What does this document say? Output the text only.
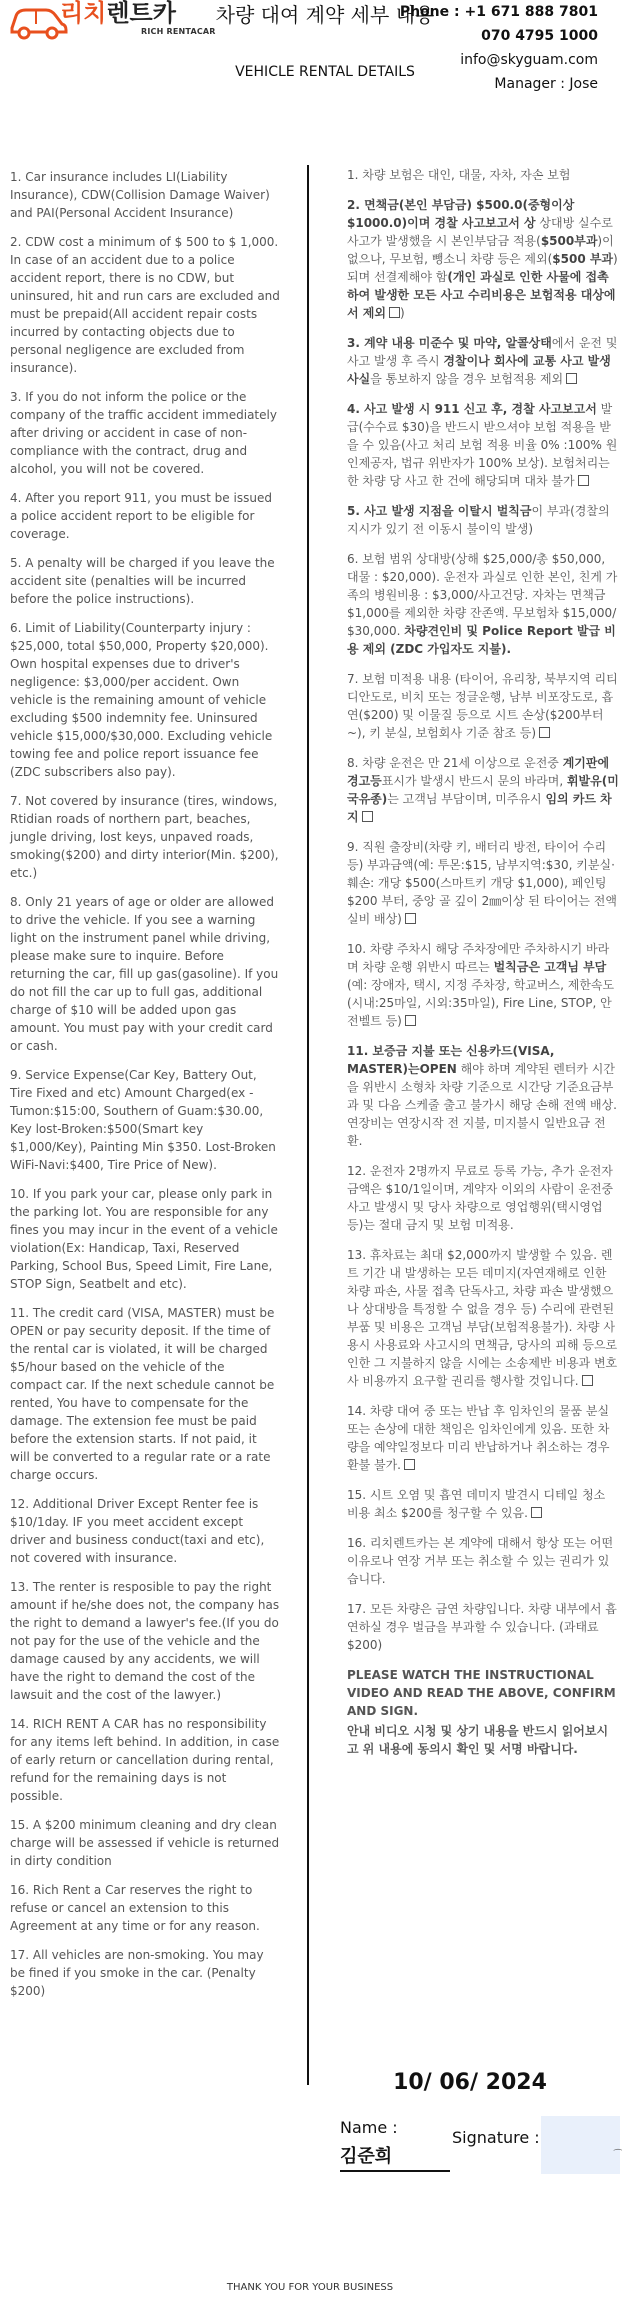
리치렌트카
RICH RENTACAR
차량 대여 계약 세부 내용
VEHICLE RENTAL DETAILS
Phone : +1 671 888 7801
070 4795 1000
info@skyguam.com
Manager : Jose

1. Car insurance includes LI(Liability Insurance), CDW(Collision Damage Waiver) and PAI(Personal Accident Insurance)

2. CDW cost a minimum of $ 500 to $ 1,000. In case of an accident due to a police accident report, there is no CDW, but uninsured, hit and run cars are excluded and must be prepaid(All accident repair costs incurred by contacting objects due to personal negligence are excluded from insurance).

3. If you do not inform the police or the company of the traffic accident immediately after driving or accident in case of non-compliance with the contract, drug and alcohol, you will not be covered.

4. After you report 911, you must be issued a police accident report to be eligible for coverage.

5. A penalty will be charged if you leave the accident site (penalties will be incurred before the police instructions).

6. Limit of Liability(Counterparty injury : $25,000, total $50,000, Property $20,000). Own hospital expenses due to driver's negligence: $3,000/per accident. Own vehicle is the remaining amount of vehicle excluding $500 indemnity fee. Uninsured vehicle $15,000/$30,000. Excluding vehicle towing fee and police report issuance fee (ZDC subscribers also pay).

7. Not covered by insurance (tires, windows, Rtidian roads of northern part, beaches, jungle driving, lost keys, unpaved roads, smoking($200) and dirty interior(Min. $200), etc.)

8. Only 21 years of age or older are allowed to drive the vehicle. If you see a warning light on the instrument panel while driving, please make sure to inquire. Before returning the car, fill up gas(gasoline). If you do not fill the car up to full gas, additional charge of $10 will be added upon gas amount. You must pay with your credit card or cash.

9. Service Expense(Car Key, Battery Out, Tire Fixed and etc) Amount Charged(ex - Tumon:$15:00, Southern of Guam:$30.00, Key lost-Broken:$500(Smart key $1,000/Key), Painting Min $350. Lost-Broken WiFi-Navi:$400, Tire Price of New).

10. If you park your car, please only park in the parking lot. You are responsible for any fines you may incur in the event of a vehicle violation(Ex: Handicap, Taxi, Reserved Parking, School Bus, Speed Limit, Fire Lane, STOP Sign, Seatbelt and etc).

11. The credit card (VISA, MASTER) must be OPEN or pay security deposit. If the time of the rental car is violated, it will be charged $5/hour based on the vehicle of the compact car. If the next schedule cannot be rented, You have to compensate for the damage. The extension fee must be paid before the extension starts. If not paid, it will be converted to a regular rate or a rate charge occurs.

12. Additional Driver Except Renter fee is $10/1day. IF you meet accident except driver and business conduct(taxi and etc), not covered with insurance.

13. The renter is resposible to pay the right amount if he/she does not, the company has the right to demand a lawyer's fee.(If you do not pay for the use of the vehicle and the damage caused by any accidents, we will have the right to demand the cost of the lawsuit and the cost of the lawyer.)

14. RICH RENT A CAR has no responsibility for any items left behind. In addition, in case of early return or cancellation during rental, refund for the remaining days is not possible.

15. A $200 minimum cleaning and dry clean charge will be assessed if vehicle is returned in dirty condition

16. Rich Rent a Car reserves the right to refuse or cancel an extension to this Agreement at any time or for any reason.

17. All vehicles are non-smoking. You may be fined if you smoke in the car. (Penalty $200)

1. 차량 보험은 대인, 대물, 자차, 자손 보험

2. 면책금(본인 부담금) $500.0(중형이상 $1000.0)이며 경찰 사고보고서 상 상대방 실수로 사고가 발생했을 시 본인부담금 적용($500부과)이 없으나, 무보험, 뺑소니 차량 등은 제외($500 부과)되며 선결제해야 함(개인 과실로 인한 사물에 접촉하여 발생한 모든 사고 수리비용은 보험적용 대상에서 제외 )

3. 계약 내용 미준수 및 마약, 알콜상태에서 운전 및 사고 발생 후 즉시 경찰이나 회사에 교통 사고 발생 사실을 통보하지 않을 경우 보험적용 제외

4. 사고 발생 시 911 신고 후, 경찰 사고보고서 발급(수수료 $30)을 반드시 받으셔야 보험 적용을 받을 수 있음(사고 처리 보험 적용 비율 0% :100% 원인제공자, 법규 위반자가 100% 보상). 보험처리는 한 차량 당 사고 한 건에 해당되며 대차 불가

5. 사고 발생 지점을 이탈시 벌칙금이 부과(경찰의 지시가 있기 전 이동시 불이익 발생)

6. 보험 범위 상대방(상해 $25,000/총 $50,000, 대물 : $20,000). 운전자 과실로 인한 본인, 친게 가족의 병원비용 : $3,000/사고건당. 자차는 면책금 $1,000를 제외한 차량 잔존액. 무보험차 $15,000/ $30,000. 차량견인비 및 Police Report 발급 비용 제외 (ZDC 가입자도 지불).

7. 보험 미적용 내용 (타이어, 유리창, 북부지역 리티디안도로, 비치 또는 정글운행, 남부 비포장도로, 흡연($200) 및 이물질 등으로 시트 손상($200부터~), 키 분실, 보험회사 기준 참조 등)

8. 차량 운전은 만 21세 이상으로 운전중 계기판에 경고등표시가 발생시 반드시 문의 바라며, 휘발유(미국유종)는 고객님 부담이며, 미주유시 임의 카드 차지

9. 직원 출장비(차량 키, 배터리 방전, 타이어 수리등) 부과금액(예: 투몬:$15, 남부지역:$30, 키분실·훼손: 개당 $500(스마트키 개당 $1,000), 페인팅 $200 부터, 중앙 골 깊이 2㎜이상 된 타이어는 전액 실비 배상)

10. 차량 주차시 해당 주차장에만 주차하시기 바라며 차량 운행 위반시 따르는 벌칙금은 고객님 부담 (예: 장애자, 택시, 지정 주차장, 학교버스, 제한속도(시내:25마일, 시외:35마일), Fire Line, STOP, 안전벨트 등)

11. 보증금 지불 또는 신용카드(VISA, MASTER)는OPEN 해야 하며 계약된 렌터카 시간을 위반시 소형차 차량 기준으로 시간당 기준요금부과 및 다음 스케줄 출고 불가시 해당 손해 전액 배상. 연장비는 연장시작 전 지불, 미지불시 일반요금 전환.

12. 운전자 2명까지 무료로 등록 가능, 추가 운전자 금액은 $10/1일이며, 계약자 이외의 사람이 운전중 사고 발생시 및 당사 차량으로 영업행위(택시영업 등)는 절대 금지 및 보험 미적용.

13. 휴차료는 최대 $2,000까지 발생할 수 있음. 렌트 기간 내 발생하는 모든 데미지(자연재해로 인한 차량 파손, 사물 접촉 단독사고, 차량 파손 발생했으나 상대방을 특정할 수 없을 경우 등) 수리에 관련된 부품 및 비용은 고객님 부담(보험적용불가). 차량 사용시 사용료와 사고시의 면책금, 당사의 피해 등으로 인한 그 지불하지 않을 시에는 소송제반 비용과 변호사 비용까지 요구할 권리를 행사할 것입니다.

14. 차량 대여 중 또는 반납 후 임차인의 물품 분실 또는 손상에 대한 책임은 임차인에게 있음. 또한 차량을 예약일정보다 미리 반납하거나 취소하는 경우 환불 불가.

15. 시트 오염 및 흡연 데미지 발견시 디테일 청소 비용 최소 $200를 청구할 수 있음.

16. 리치렌트카는 본 계약에 대해서 항상 또는 어떤 이유로나 연장 거부 또는 취소할 수 있는 권리가 있습니다.

17. 모든 차량은 금연 차량입니다. 차량 내부에서 흡연하실 경우 벌금을 부과할 수 있습니다. (과태료 $200)

PLEASE WATCH THE INSTRUCTIONAL VIDEO AND READ THE ABOVE, CONFIRM AND SIGN.
안내 비디오 시청 및 상기 내용을 반드시 읽어보시고 위 내용에 동의시 확인 및 서명 바랍니다.
10/ 06/ 2024
Name :
김준희
Signature :
⁀
THANK YOU FOR YOUR BUSINESS
